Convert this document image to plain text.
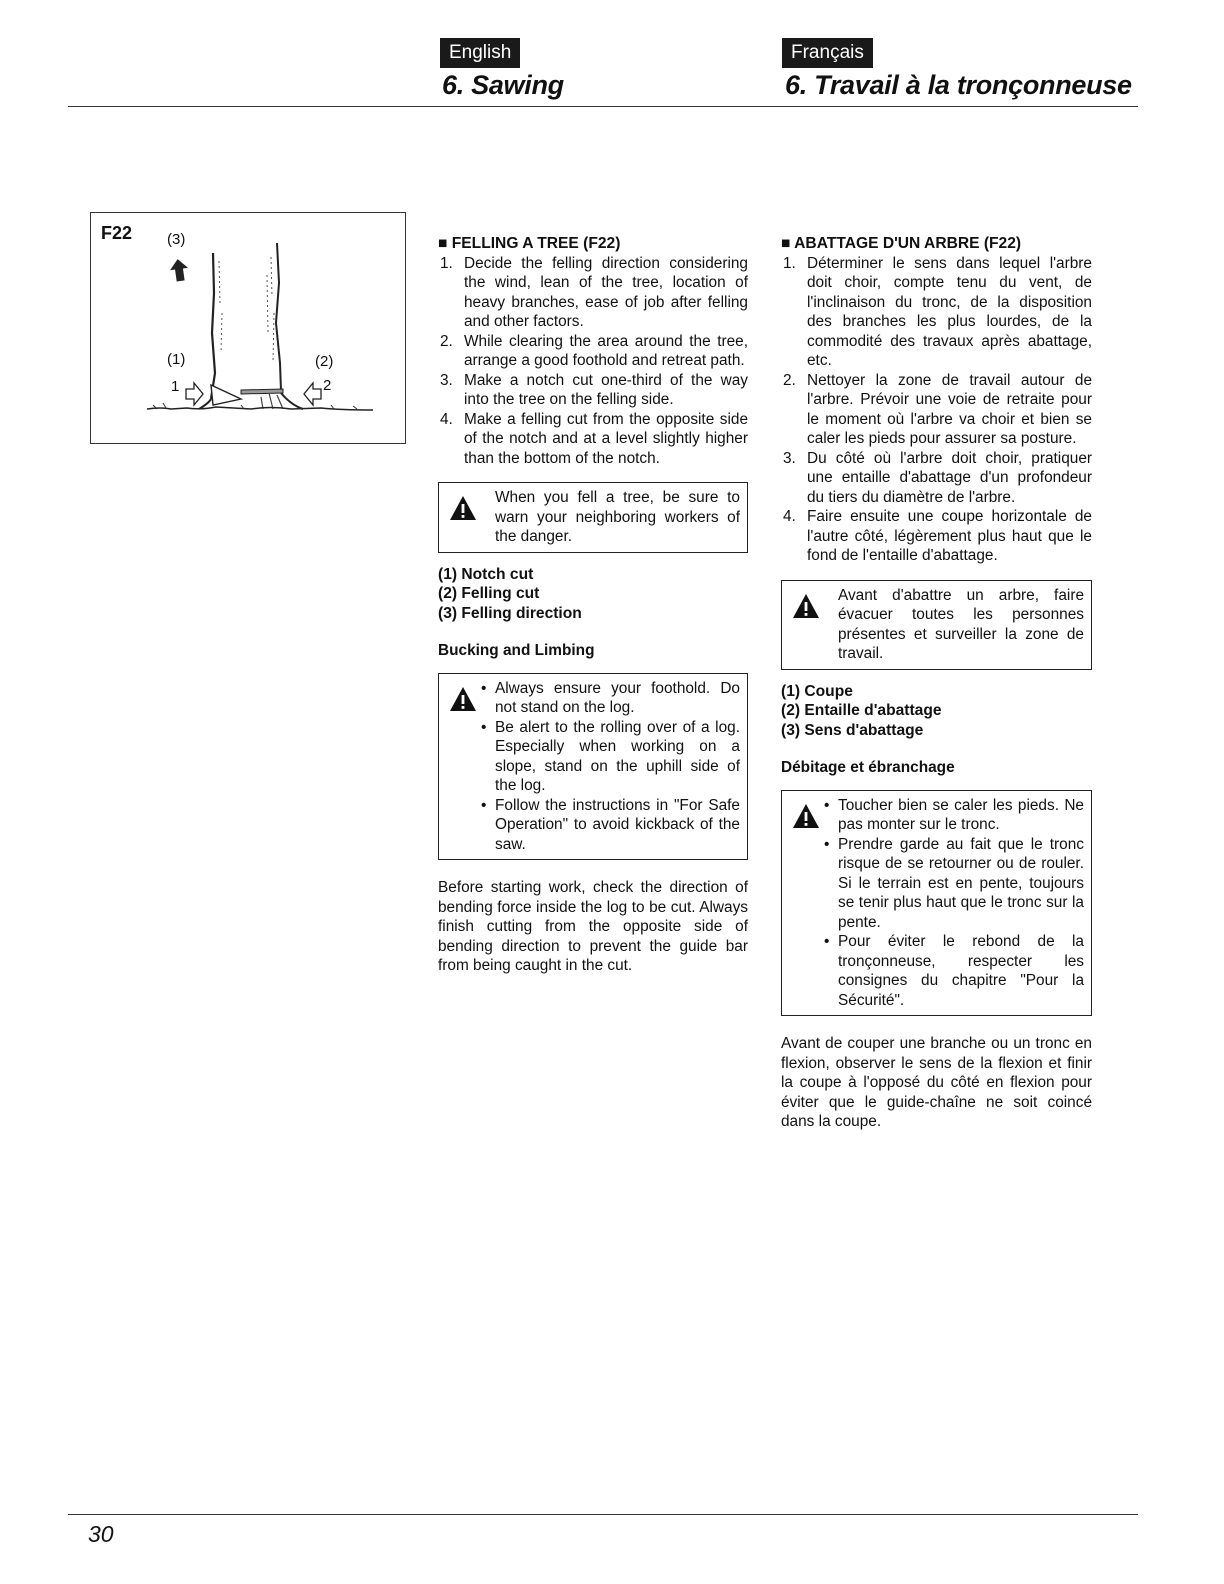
English	Français
6. Sawing	6. Travail à la tronçonneuse
F22 (3)
(1)	(2)
1	2

■ FELLING A TREE (F22)

1. Decide the felling direction considering the wind, lean of the tree, location of heavy branches, ease of job after felling and other factors.
2. While clearing the area around the tree, arrange a good foothold and retreat path.
3. Make a notch cut one-third of the way into the tree on the felling side.
4. Make a felling cut from the opposite side of the notch and at a level slightly higher than the bottom of the notch.

When you fell a tree, be sure to warn your neighboring workers of the danger.

(1) Notch cut

(2) Felling cut

(3) Felling direction

Bucking and Limbing

• Always ensure your foothold. Do not stand on the log.
• Be alert to the rolling over of a log. Especially when working on a slope, stand on the uphill side of the log.
• Follow the instructions in "For Safe Operation" to avoid kickback of the saw.

Before starting work, check the direction of bending force inside the log to be cut. Always finish cutting from the opposite side of bending direction to prevent the guide bar from being caught in the cut.

■ ABATTAGE D'UN ARBRE (F22)

1. Déterminer le sens dans lequel l'arbre doit choir, compte tenu du vent, de l'inclinaison du tronc, de la disposition des branches les plus lourdes, de la commodité des travaux après abattage, etc.
2. Nettoyer la zone de travail autour de l'arbre. Prévoir une voie de retraite pour le moment où l'arbre va choir et bien se caler les pieds pour assurer sa posture.
3. Du côté où l'arbre doit choir, pratiquer une entaille d'abattage d'un profondeur du tiers du diamètre de l'arbre.
4. Faire ensuite une coupe horizontale de l'autre côté, légèrement plus haut que le fond de l'entaille d'abattage.

Avant d'abattre un arbre, faire évacuer toutes les personnes présentes et surveiller la zone de travail.

(1) Coupe

(2) Entaille d'abattage

(3) Sens d'abattage

Débitage et ébranchage

• Toucher bien se caler les pieds. Ne pas monter sur le tronc.
• Prendre garde au fait que le tronc risque de se retourner ou de rouler. Si le terrain est en pente, toujours se tenir plus haut que le tronc sur la pente.
• Pour éviter le rebond de la tronçonneuse, respecter les consignes du chapitre "Pour la Sécurité".

Avant de couper une branche ou un tronc en flexion, observer le sens de la flexion et finir la coupe à l'opposé du côté en flexion pour éviter que le guide-chaîne ne soit coincé dans la coupe.

30
